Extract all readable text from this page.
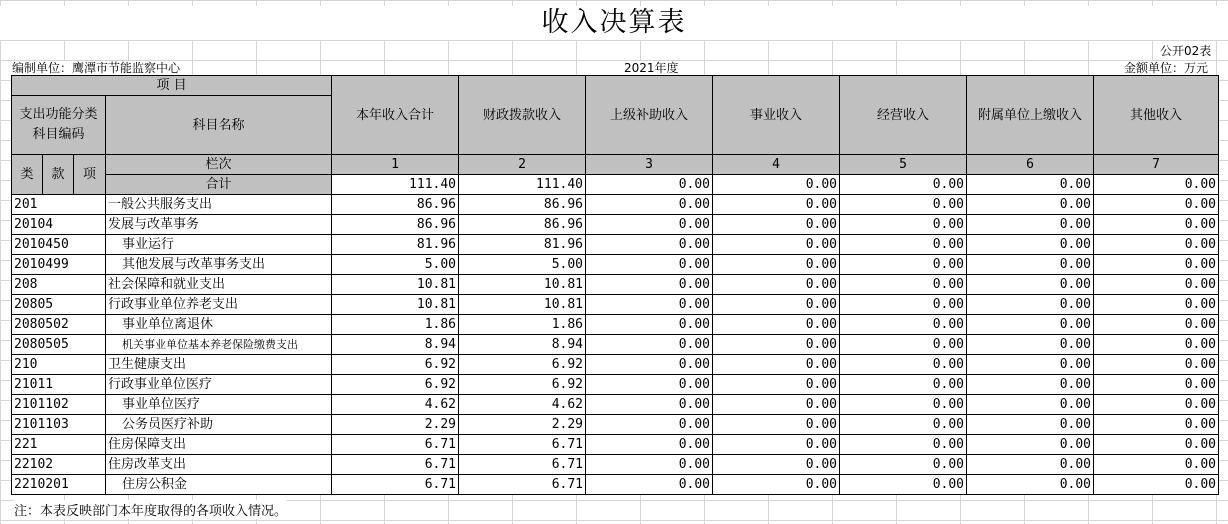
收入决算表
公开02表
编制单位：鹰潭市节能监察中心	2021年度	金额单位：万元
项 目				本年收入合计	财政拨款收入	上级补助收入	事业收入	经营收入	附属单位上缴收入	其他收入
支出功能分类科目编码			科目名称							
类	款	项	栏次	1	2	3	4	5	6	7
			合计	111.40	111.40	0.00	0.00	0.00	0.00	0.00
201			一般公共服务支出	86.96	86.96	0.00	0.00	0.00	0.00	0.00
20104			发展与改革事务	86.96	86.96	0.00	0.00	0.00	0.00	0.00
2010450			事业运行	81.96	81.96	0.00	0.00	0.00	0.00	0.00
2010499			其他发展与改革事务支出	5.00	5.00	0.00	0.00	0.00	0.00	0.00
208			社会保障和就业支出	10.81	10.81	0.00	0.00	0.00	0.00	0.00
20805			行政事业单位养老支出	10.81	10.81	0.00	0.00	0.00	0.00	0.00
2080502			事业单位离退休	1.86	1.86	0.00	0.00	0.00	0.00	0.00
2080505			机关事业单位基本养老保险缴费支出	8.94	8.94	0.00	0.00	0.00	0.00	0.00
210			卫生健康支出	6.92	6.92	0.00	0.00	0.00	0.00	0.00
21011			行政事业单位医疗	6.92	6.92	0.00	0.00	0.00	0.00	0.00
2101102			事业单位医疗	4.62	4.62	0.00	0.00	0.00	0.00	0.00
2101103			公务员医疗补助	2.29	2.29	0.00	0.00	0.00	0.00	0.00
221			住房保障支出	6.71	6.71	0.00	0.00	0.00	0.00	0.00
22102			住房改革支出	6.71	6.71	0.00	0.00	0.00	0.00	0.00
2210201			住房公积金	6.71	6.71	0.00	0.00	0.00	0.00	0.00
注：本表反映部门本年度取得的各项收入情况。
